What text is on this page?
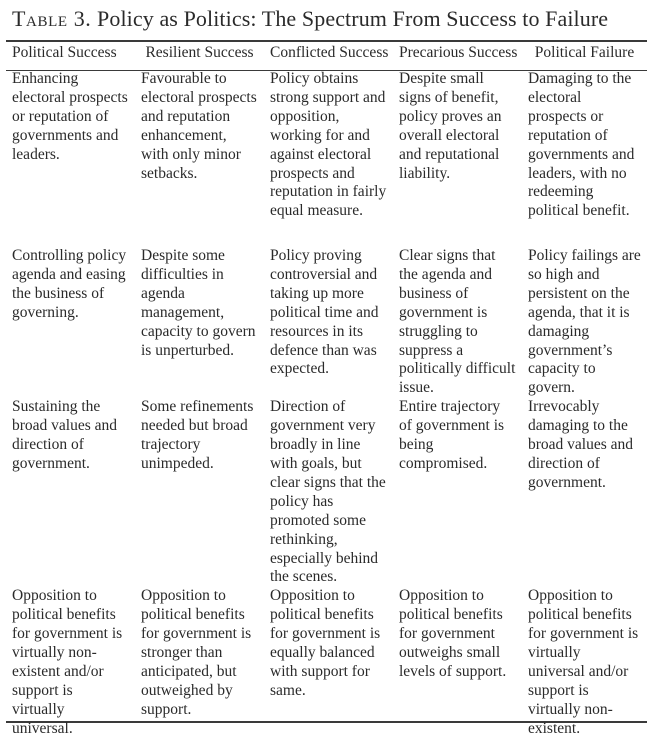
Table 3. Policy as Politics: The Spectrum From Success to Failure
Political Success	Resilient Success	Conflicted Success	Precarious Success	Political Failure
Enhancing electoral prospects or reputation of governments and leaders.	Favourable to electoral prospects and reputation enhancement, with only minor setbacks.	Policy obtains strong support and opposition, working for and against electoral prospects and reputation in fairly equal measure.	Despite small signs of benefit, policy proves an overall electoral and reputational liability.	Damaging to the electoral prospects or reputation of governments and leaders, with no redeeming political benefit.
Controlling policy agenda and easing the business of governing.	Despite some difficulties in agenda management, capacity to govern is unperturbed.	Policy proving controversial and taking up more political time and resources in its defence than was expected.	Clear signs that the agenda and business of government is struggling to suppress a politically difficult issue.	Policy failings are so high and persistent on the agenda, that it is damaging government’s capacity to govern.
Sustaining the broad values and direction of government.	Some refinements needed but broad trajectory unimpeded.	Direction of government very broadly in line with goals, but clear signs that the policy has promoted some rethinking, especially behind the scenes.	Entire trajectory of government is being compromised.	Irrevocably damaging to the broad values and direction of government.
Opposition to political benefits for government is virtually non-existent and/or support is virtually universal.	Opposition to political benefits for government is stronger than anticipated, but outweighed by support.	Opposition to political benefits for government is equally balanced with support for same.	Opposition to political benefits for government outweighs small levels of support.	Opposition to political benefits for government is virtually universal and/or support is virtually non-existent.
